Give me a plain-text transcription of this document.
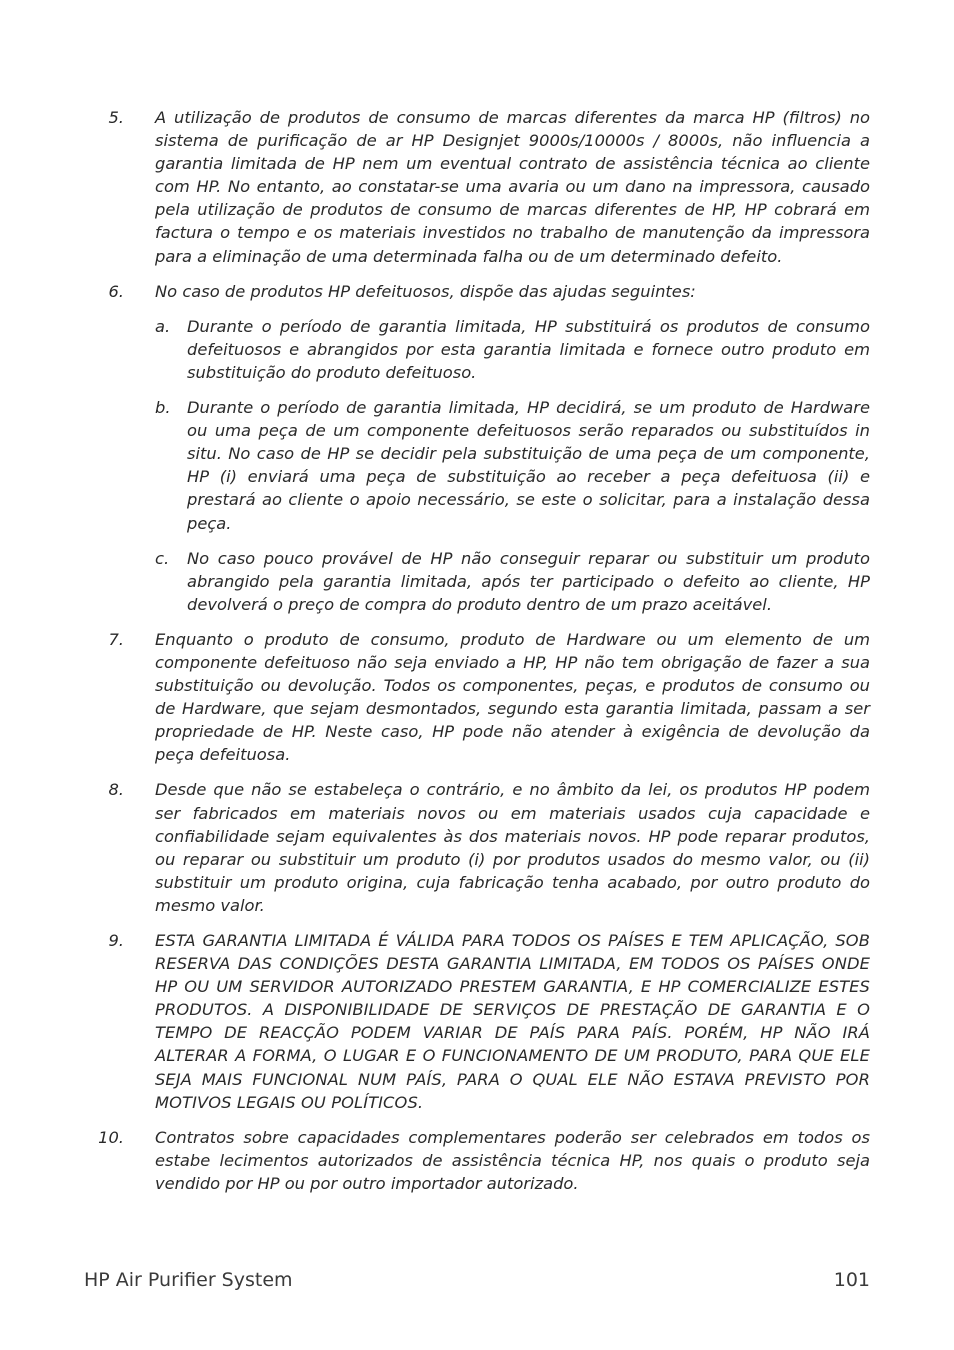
5. A utilização de produtos de consumo de marcas diferentes da marca HP (filtros) no sistema de purificação de ar HP Designjet 9000s/10000s / 8000s, não influencia a garantia limitada de HP nem um eventual contrato de assistência técnica ao cliente com HP. No entanto, ao constatar-se uma avaria ou um dano na impressora, causado pela utilização de produtos de consumo de marcas diferentes de HP, HP cobrará em factura o tempo e os materiais investidos no trabalho de manutenção da impressora para a eliminação de uma determinada falha ou de um determinado defeito.
6. No caso de produtos HP defeituosos, dispõe das ajudas seguintes:
a. Durante o período de garantia limitada, HP substituirá os produtos de consumo defeituosos e abrangidos por esta garantia limitada e fornece outro produto em substituição do produto defeituoso.
b. Durante o período de garantia limitada, HP decidirá, se um produto de Hardware ou uma peça de um componente defeituosos serão reparados ou substituídos in situ. No caso de HP se decidir pela substituição de uma peça de um componente, HP (i) enviará uma peça de substituição ao receber a peça defeituosa (ii) e prestará ao cliente o apoio necessário, se este o solicitar, para a instalação dessa peça.
c. No caso pouco provável de HP não conseguir reparar ou substituir um produto abrangido pela garantia limitada, após ter participado o defeito ao cliente, HP devolverá o preço de compra do produto dentro de um prazo aceitável.
7. Enquanto o produto de consumo, produto de Hardware ou um elemento de um componente defeituoso não seja enviado a HP, HP não tem obrigação de fazer a sua substituição ou devolução. Todos os componentes, peças, e produtos de consumo ou de Hardware, que sejam desmontados, segundo esta garantia limitada, passam a ser propriedade de HP. Neste caso, HP pode não atender à exigência de devolução da peça defeituosa.
8. Desde que não se estabeleça o contrário, e no âmbito da lei, os produtos HP podem ser fabricados em materiais novos ou em materiais usados cuja capacidade e confiabilidade sejam equivalentes às dos materiais novos. HP pode reparar produtos, ou reparar ou substituir um produto (i) por produtos usados do mesmo valor, ou (ii) substituir um produto origina, cuja fabricação tenha acabado, por outro produto do mesmo valor.
9. ESTA GARANTIA LIMITADA É VÁLIDA PARA TODOS OS PAÍSES E TEM APLICAÇÃO, SOB RESERVA DAS CONDIÇÕES DESTA GARANTIA LIMITADA, EM TODOS OS PAÍSES ONDE HP OU UM SERVIDOR AUTORIZADO PRESTEM GARANTIA, E HP COMERCIALIZE ESTES PRODUTOS. A DISPONIBILIDADE DE SERVIÇOS DE PRESTAÇÃO DE GARANTIA E O TEMPO DE REACÇÃO PODEM VARIAR DE PAÍS PARA PAÍS. PORÉM, HP NÃO IRÁ ALTERAR A FORMA, O LUGAR E O FUNCIONAMENTO DE UM PRODUTO, PARA QUE ELE SEJA MAIS FUNCIONAL NUM PAÍS, PARA O QUAL ELE NÃO ESTAVA PREVISTO POR MOTIVOS LEGAIS OU POLÍTICOS.
10. Contratos sobre capacidades complementares poderão ser celebrados em todos os estabe lecimentos autorizados de assistência técnica HP, nos quais o produto seja vendido por HP ou por outro importador autorizado.
HP Air Purifier System	101
